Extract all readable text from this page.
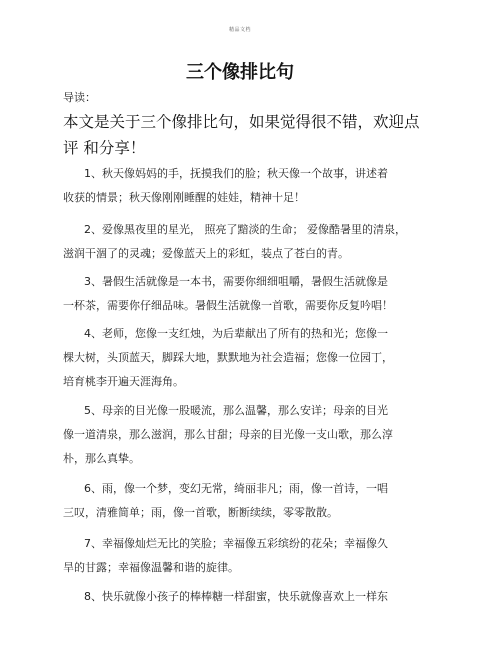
精品文档
三个像排比句
导读：
本文是关于三个像排比句，如果觉得很不错，欢迎点
评 和分享！
1、秋天像妈妈的手，抚摸我们的脸；秋天像一个故事，讲述着
收获的情景；秋天像刚刚睡醒的娃娃，精神十足！
2、爱像黑夜里的星光， 照亮了黯淡的生命； 爱像酷暑里的清泉，
滋润干涸了的灵魂；爱像蓝天上的彩虹，装点了苍白的青。
3、暑假生活就像是一本书，需要你细细咀嚼，暑假生活就像是
一杯茶，需要你仔细品味。暑假生活就像一首歌，需要你反复吟唱！
4、老师，您像一支红烛，为后辈献出了所有的热和光；您像一
棵大树，头顶蓝天，脚踩大地，默默地为社会造福；您像一位园丁，
培育桃李开遍天涯海角。
5、母亲的目光像一股暖流，那么温馨，那么安详；母亲的目光
像一道清泉，那么滋润，那么甘甜；母亲的目光像一支山歌，那么淳
朴，那么真挚。
6、雨，像一个梦，变幻无常，绮丽非凡；雨，像一首诗，一唱
三叹，清雅简单；雨，像一首歌，断断续续，零零散散。
7、幸福像灿烂无比的笑脸；幸福像五彩缤纷的花朵；幸福像久
旱的甘露；幸福像温馨和谐的旋律。
8、快乐就像小孩子的棒棒糖一样甜蜜，快乐就像喜欢上一样东
